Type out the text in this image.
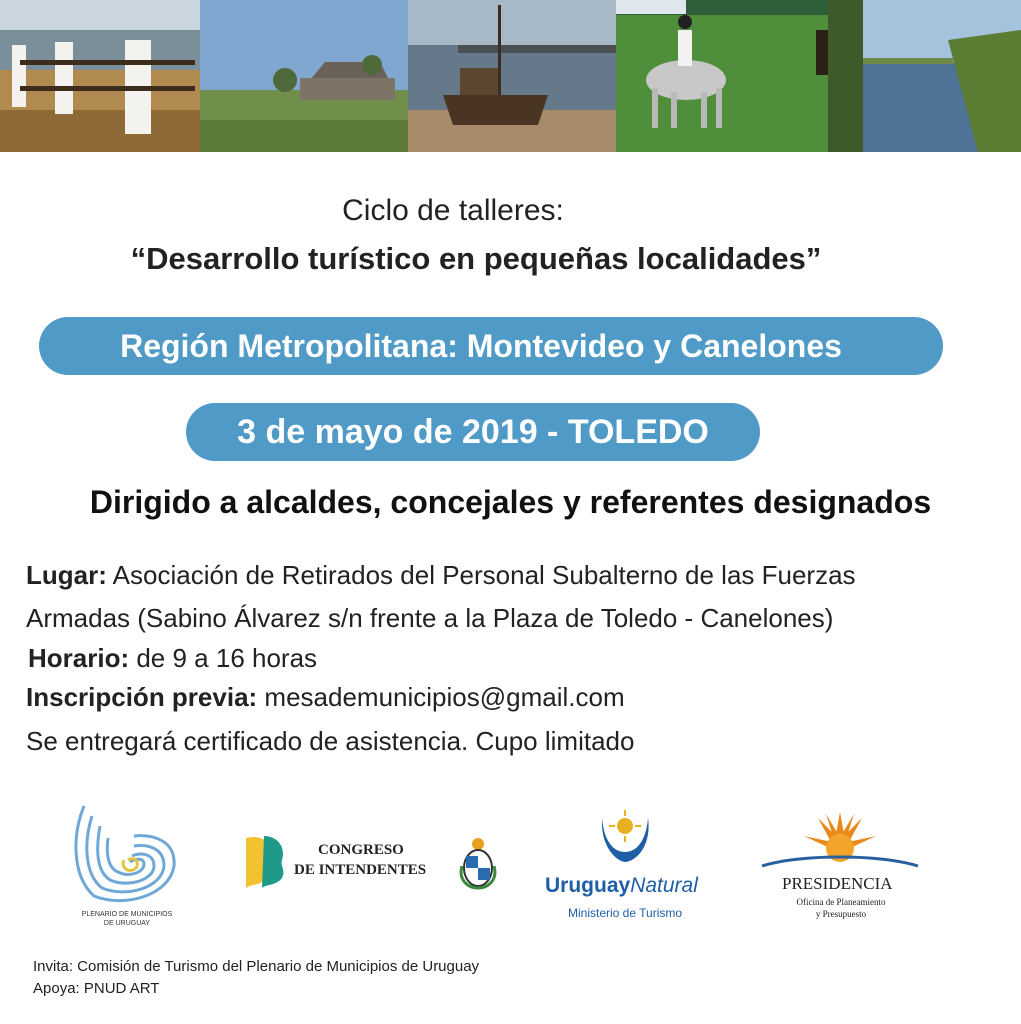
Ciclo de talleres:
“Desarrollo turístico en pequeñas localidades”
Región Metropolitana: Montevideo y Canelones
3 de mayo de 2019 - TOLEDO
Dirigido a alcaldes, concejales y referentes designados
Lugar: Asociación de Retirados del Personal Subalterno de las Fuerzas
Armadas (Sabino Álvarez s/n frente a la Plaza de Toledo - Canelones)
Horario: de 9 a 16 horas
Inscripción previa: mesademunicipios@gmail.com
Se entregará certificado de asistencia. Cupo limitado
PLENARIO DE MUNICIPIOS
DE URUGUAY
CONGRESO
DE INTENDENTES
UruguayNatural
Ministerio de Turismo
PRESIDENCIA
Oficina de Planeamiento
y Presupuesto
Invita: Comisión de Turismo del Plenario de Municipios de Uruguay
Apoya: PNUD ART
